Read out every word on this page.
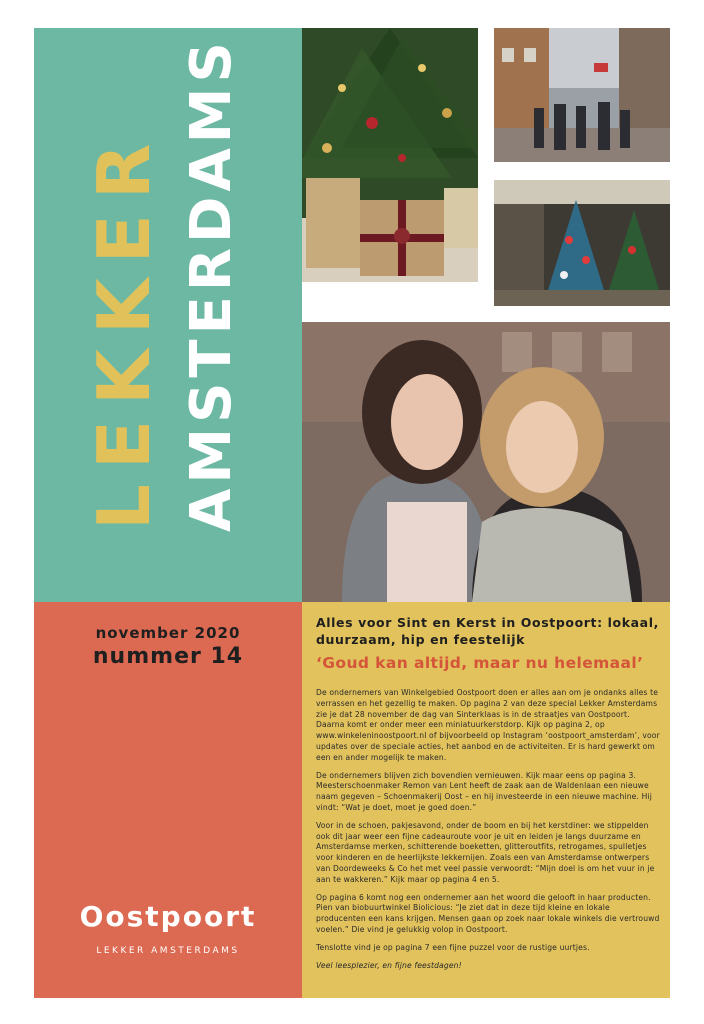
LEKKER AMSTERDAMS
november 2020
nummer 14
Oostpoort
LEKKER AMSTERDAMS
Alles voor Sint en Kerst in Oostpoort: lokaal, duurzaam, hip en feestelijk
‘Goud kan altijd, maar nu helemaal’

De ondernemers van Winkelgebied Oostpoort doen er alles aan om je ondanks alles te verrassen en het gezellig te maken. Op pagina 2 van deze special Lekker Amsterdams zie je dat 28 november de dag van Sinterklaas is in de straatjes van Oostpoort. Daarna komt er onder meer een miniatuurkerstdorp. Kijk op pagina 2, op www.winkeleninoostpoort.nl of bijvoorbeeld op Instagram ‘oostpoort_amsterdam’, voor updates over de speciale acties, het aanbod en de activiteiten. Er is hard gewerkt om een en ander mogelijk te maken.

De ondernemers blijven zich bovendien vernieuwen. Kijk maar eens op pagina 3. Meesterschoenmaker Remon van Lent heeft de zaak aan de Waldenlaan een nieuwe naam gegeven – Schoenmakerij Oost – en hij investeerde in een nieuwe machine. Hij vindt: “Wat je doet, moet je goed doen.”

Voor in de schoen, pakjesavond, onder de boom en bij het kerstdiner: we stippelden ook dit jaar weer een fijne cadeauroute voor je uit en leiden je langs duurzame en Amsterdamse merken, schitterende boeketten, glitteroutfits, retrogames, spulletjes voor kinderen en de heerlijkste lekkernijen. Zoals een van Amsterdamse ontwerpers van Doordeweeks & Co het met veel passie verwoordt: “Mijn doel is om het vuur in je aan te wakkeren.” Kijk maar op pagina 4 en 5.

Op pagina 6 komt nog een ondernemer aan het woord die gelooft in haar producten. Pien van biobuurtwinkel Biolicious: “Je ziet dat in deze tijd kleine en lokale producenten een kans krijgen. Mensen gaan op zoek naar lokale winkels die vertrouwd voelen.” Die vind je gelukkig volop in Oostpoort.

Tenslotte vind je op pagina 7 een fijne puzzel voor de rustige uurtjes.

Veel leesplezier, en fijne feestdagen!
